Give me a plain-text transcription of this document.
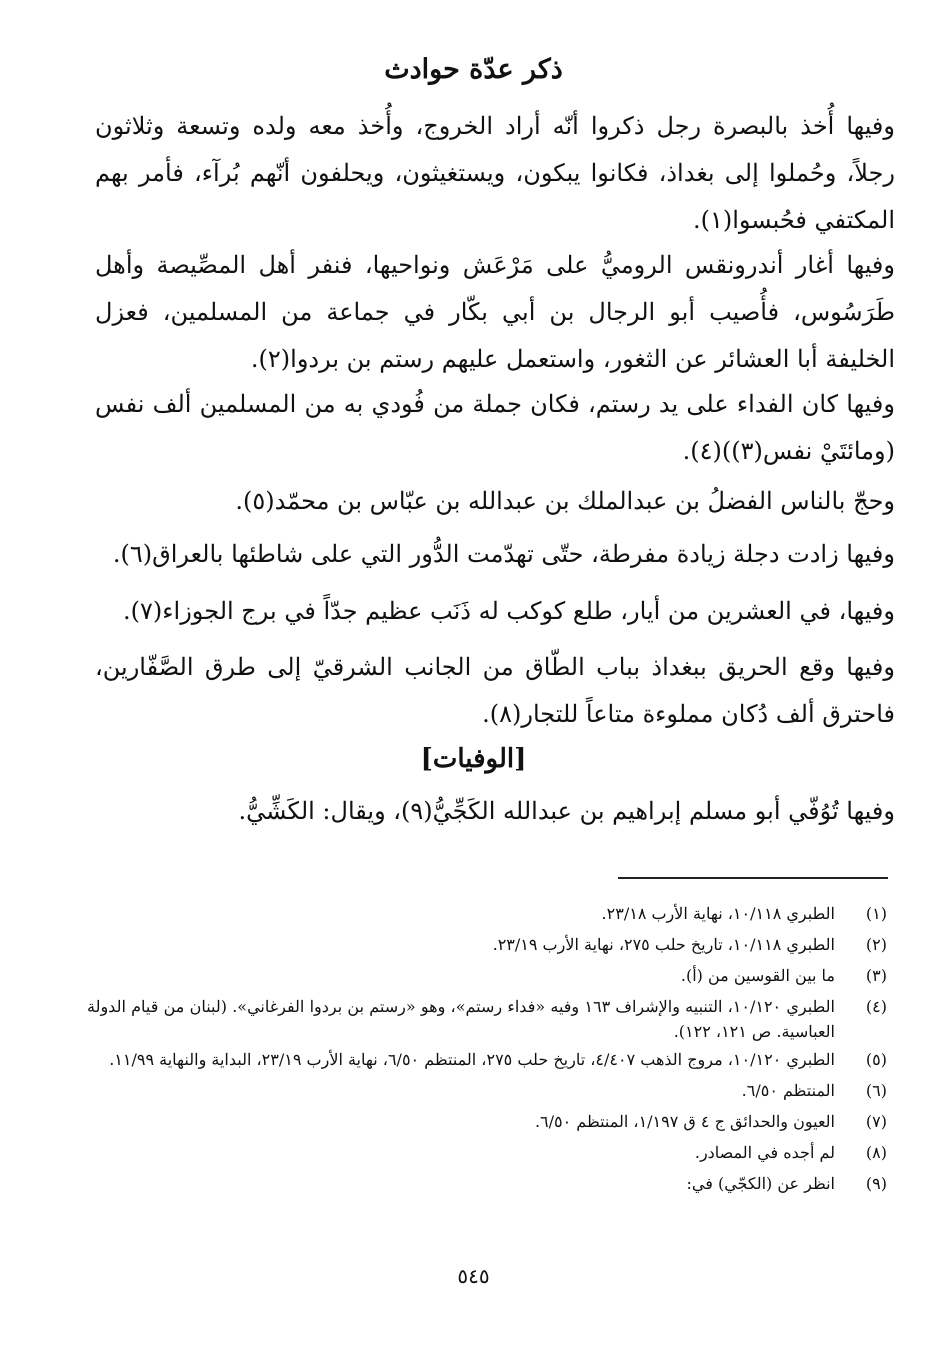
ذكر عدّة حوادث

وفيها أُخذ بالبصرة رجل ذكروا أنّه أراد الخروج، وأُخذ معه ولده وتسعة وثلاثون رجلاً، وحُملوا إلى بغداذ، فكانوا يبكون، ويستغيثون، ويحلفون أنّهم بُرآء، فأمر بهم المكتفي فحُبسوا(١).

وفيها أغار أندرونقس الروميُّ على مَرْعَش ونواحيها، فنفر أهل المصِّيصة وأهل طَرَسُوس، فأُصيب أبو الرجال بن أبي بكّار في جماعة من المسلمين، فعزل الخليفة أبا العشائر عن الثغور، واستعمل عليهم رستم بن بردوا(٢).

وفيها كان الفداء على يد رستم، فكان جملة من فُودي به من المسلمين ألف نفس (ومائتَيْ نفس(٣))(٤).

وحجّ بالناس الفضلُ بن عبدالملك بن عبدالله بن عبّاس بن محمّد(٥).

وفيها زادت دجلة زيادة مفرطة، حتّى تهدّمت الدُّور التي على شاطئها بالعراق(٦).

وفيها، في العشرين من أيار، طلع كوكب له ذَنَب عظيم جدّاً في برج الجوزاء(٧).

وفيها وقع الحريق ببغداذ بباب الطّاق من الجانب الشرقيّ إلى طرق الصَّفّارين، فاحترق ألف دُكان مملوءة متاعاً للتجار(٨).

[الوفيات]

وفيها تُوُفّي أبو مسلم إبراهيم بن عبدالله الكَجِّيُّ(٩)، ويقال: الكَشِّيُّ.

(١)
الطبري ١٠/١١٨، نهاية الأرب ٢٣/١٨.
(٢)
الطبري ١٠/١١٨، تاريخ حلب ٢٧٥، نهاية الأرب ٢٣/١٩.
(٣)
ما بين القوسين من (أ).
(٤)
الطبري ١٠/١٢٠، التنبيه والإشراف ١٦٣ وفيه «فداء رستم»، وهو «رستم بن بردوا الفرغاني». (لبنان من قيام الدولة العباسية. ص ١٢١، ١٢٢).
(٥)
الطبري ١٠/١٢٠، مروج الذهب ٤/٤٠٧، تاريخ حلب ٢٧٥، المنتظم ٦/٥٠، نهاية الأرب ٢٣/١٩، البداية والنهاية ١١/٩٩.
(٦)
المنتظم ٦/٥٠.
(٧)
العيون والحدائق ج ٤ ق ١/١٩٧، المنتظم ٦/٥٠.
(٨)
لم أجده في المصادر.
(٩)
انظر عن (الكجّي) في:
٥٤٥
